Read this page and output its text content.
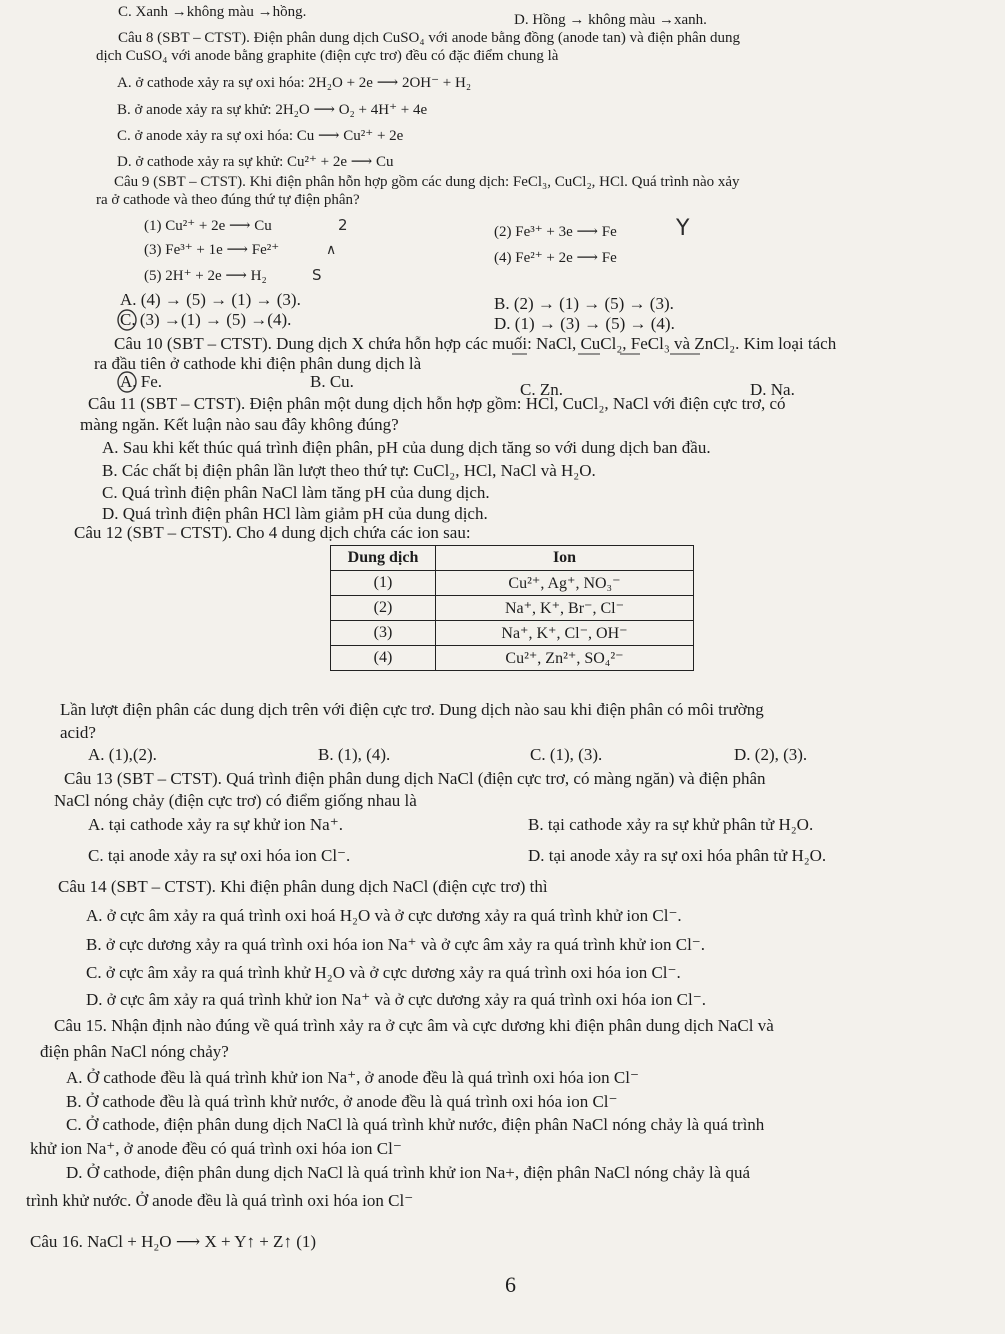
C. Xanh →không màu →hồng.	D. Hồng → không màu →xanh.
Câu 8 (SBT – CTST). Điện phân dung dịch CuSO₄ với anode bằng đồng (anode tan) và điện phân dung
dịch CuSO₄ với anode bằng graphite (điện cực trơ) đều có đặc điểm chung là
A. ở cathode xảy ra sự oxi hóa: 2H₂O + 2e ⟶ 2OH⁻ + H₂
B. ở anode xảy ra sự khử: 2H₂O ⟶ O₂ + 4H⁺ + 4e
C. ở anode xảy ra sự oxi hóa: Cu ⟶ Cu²⁺ + 2e
D. ở cathode xảy ra sự khử: Cu²⁺ + 2e ⟶ Cu
Câu 9 (SBT – CTST). Khi điện phân hỗn hợp gồm các dung dịch: FeCl₃, CuCl₂, HCl. Quá trình nào xảy
ra ở cathode và theo đúng thứ tự điện phân?
(1) Cu²⁺ + 2e ⟶ Cu	(2) Fe³⁺ + 3e ⟶ Fe
(3) Fe³⁺ + 1e ⟶ Fe²⁺	(4) Fe²⁺ + 2e ⟶ Fe
(5) 2H⁺ + 2e ⟶ H₂
A. (4) → (5) → (1) → (3).	B. (2) → (1) → (5) → (3).
C. (3) →(1) → (5) →(4).	D. (1) → (3) → (5) → (4).
Câu 10 (SBT – CTST). Dung dịch X chứa hỗn hợp các muối: NaCl, CuCl₂, FeCl₃ và ZnCl₂. Kim loại tách
ra đầu tiên ở cathode khi điện phân dung dịch là
A. Fe.	B. Cu.	C. Zn.	D. Na.
Câu 11 (SBT – CTST). Điện phân một dung dịch hỗn hợp gồm: HCl, CuCl₂, NaCl với điện cực trơ, có
màng ngăn. Kết luận nào sau đây không đúng?
A. Sau khi kết thúc quá trình điện phân, pH của dung dịch tăng so với dung dịch ban đầu.
B. Các chất bị điện phân lần lượt theo thứ tự: CuCl₂, HCl, NaCl và H₂O.
C. Quá trình điện phân NaCl làm tăng pH của dung dịch.
D. Quá trình điện phân HCl làm giảm pH của dung dịch.
Câu 12 (SBT – CTST). Cho 4 dung dịch chứa các ion sau:
Lần lượt điện phân các dung dịch trên với điện cực trơ. Dung dịch nào sau khi điện phân có môi trường
acid?
A. (1),(2).	B. (1), (4).	C. (1), (3).	D. (2), (3).
Câu 13 (SBT – CTST). Quá trình điện phân dung dịch NaCl (điện cực trơ, có màng ngăn) và điện phân
NaCl nóng chảy (điện cực trơ) có điểm giống nhau là
A. tại cathode xảy ra sự khử ion Na⁺.	B. tại cathode xảy ra sự khử phân tử H₂O.
C. tại anode xảy ra sự oxi hóa ion Cl⁻.	D. tại anode xảy ra sự oxi hóa phân tử H₂O.
Câu 14 (SBT – CTST). Khi điện phân dung dịch NaCl (điện cực trơ) thì
A. ở cực âm xảy ra quá trình oxi hoá H₂O và ở cực dương xảy ra quá trình khử ion Cl⁻.
B. ở cực dương xảy ra quá trình oxi hóa ion Na⁺ và ở cực âm xảy ra quá trình khử ion Cl⁻.
C. ở cực âm xảy ra quá trình khử H₂O và ở cực dương xảy ra quá trình oxi hóa ion Cl⁻.
D. ở cực âm xảy ra quá trình khử ion Na⁺ và ở cực dương xảy ra quá trình oxi hóa ion Cl⁻.
Câu 15. Nhận định nào đúng về quá trình xảy ra ở cực âm và cực dương khi điện phân dung dịch NaCl và
điện phân NaCl nóng chảy?
A. Ở cathode đều là quá trình khử ion Na⁺, ở anode đều là quá trình oxi hóa ion Cl⁻
B. Ở cathode đều là quá trình khử nước, ở anode đều là quá trình oxi hóa ion Cl⁻
C. Ở cathode, điện phân dung dịch NaCl là quá trình khử nước, điện phân NaCl nóng chảy là quá trình
khử ion Na⁺, ở anode đều có quá trình oxi hóa ion Cl⁻
D. Ở cathode, điện phân dung dịch NaCl là quá trình khử ion Na+, điện phân NaCl nóng chảy là quá
trình khử nước. Ở anode đều là quá trình oxi hóa ion Cl⁻
Câu 16. NaCl + H₂O ⟶ X + Y↑ + Z↑ (1)
Dung dịch	Ion
(1)	Cu²⁺, Ag⁺, NO₃⁻
(2)	Na⁺, K⁺, Br⁻, Cl⁻
(3)	Na⁺, K⁺, Cl⁻, OH⁻
(4)	Cu²⁺, Zn²⁺, SO₄²⁻
2	Y
∧
S
6
